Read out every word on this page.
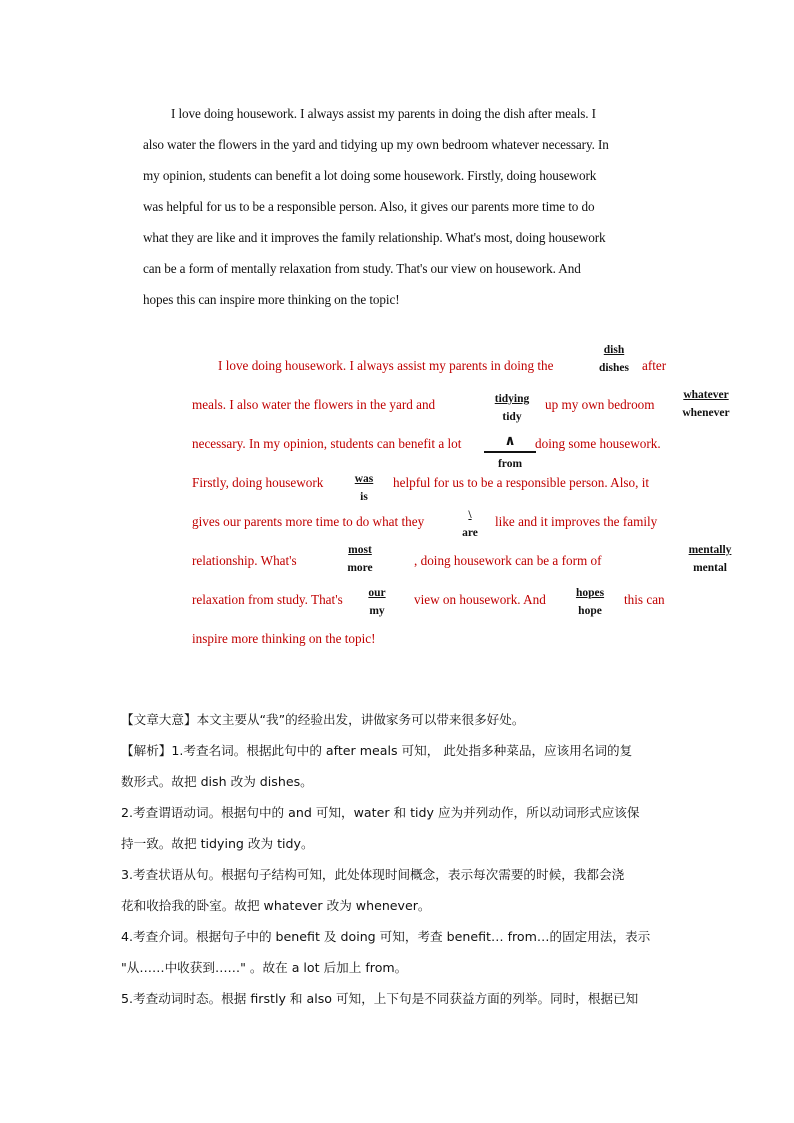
I love doing housework. I always assist my parents in doing the dish after meals. I
also water the flowers in the yard and tidying up my own bedroom whatever necessary. In
my opinion, students can benefit a lot doing some housework. Firstly, doing housework
was helpful for us to be a responsible person. Also, it gives our parents more time to do
what they are like and it improves the family relationship. What's most, doing housework
can be a form of mentally relaxation from study. That's our view on housework. And
hopes this can inspire more thinking on the topic!

I love doing housework. I always assist my parents in doing the
dish
dishes after
meals. I also water the flowers in the yard and	tidying
tidy
up my own bedroom
whatever
whenever
necessary. In my opinion, students can benefit a lot	∧
from
doing some housework.
Firstly, doing housework	was
is
helpful for us to be a responsible person. Also, it
gives our parents more time to do what they	\
are
like and it improves the family
relationship. What's
most
more	, doing housework can be a form of
mentally
mental
relaxation from study. That's	our
my
view on housework. And	hopes
hope
this can
inspire more thinking on the topic!
【文章大意】本文主要从“我”的经验出发，讲做家务可以带来很多好处。
【解析】1.考查名词。根据此句中的 after meals 可知， 此处指多种菜品，应该用名词的复
数形式。故把 dish 改为 dishes。
2.考查谓语动词。根据句中的 and 可知，water 和 tidy 应为并列动作，所以动词形式应该保
持一致。故把 tidying 改为 tidy。
3.考查状语从句。根据句子结构可知，此处体现时间概念，表示每次需要的时候，我都会浇
花和收拾我的卧室。故把 whatever 改为 whenever。
4.考查介词。根据句子中的 benefit 及 doing 可知，考查 benefit… from…的固定用法，表示
"从……中收获到……" 。故在 a lot 后加上 from。
5.考查动词时态。根据 firstly 和 also 可知，上下句是不同获益方面的列举。同时，根据已知
